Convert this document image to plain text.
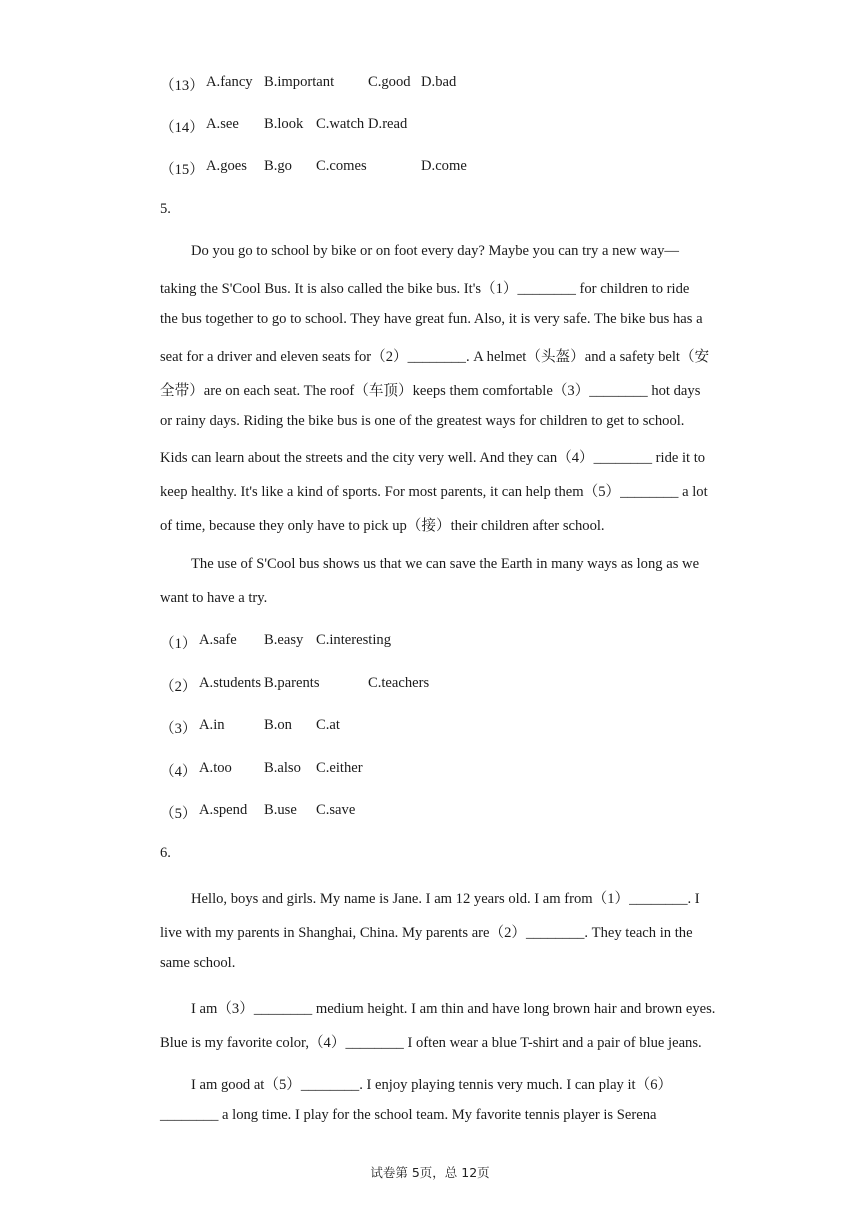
（13） A.fancy B.important C.good D.bad
（14） A.see B.look C.watch D.read
（15） A.goes B.go C.comes	D.come
5.
Do you go to school by bike or on foot every day? Maybe you can try a new way—
taking the S'Cool Bus. It is also called the bike bus. It's（1）________ for children to ride
the bus together to go to school. They have great fun. Also, it is very safe. The bike bus has a
seat for a driver and eleven seats for（2）________. A helmet（头盔）and a safety belt（安
全带）are on each seat. The roof（车顶）keeps them comfortable（3）________ hot days
or rainy days. Riding the bike bus is one of the greatest ways for children to get to school.
Kids can learn about the streets and the city very well. And they can（4）________ ride it to
keep healthy. It's like a kind of sports. For most parents, it can help them（5）________ a lot
of time, because they only have to pick up（接）their children after school.
The use of S'Cool bus shows us that we can save the Earth in many ways as long as we
want to have a try.
（1） A.safe B.easy C.interesting
（2） A.students B.parents	C.teachers
（3） A.in	B.on C.at
（4） A.too B.also C.either
（5） A.spend B.use C.save
6.
Hello, boys and girls. My name is Jane. I am 12 years old. I am from（1）________. I
live with my parents in Shanghai, China. My parents are（2）________. They teach in the
same school.
I am（3）________ medium height. I am thin and have long brown hair and brown eyes.
Blue is my favorite color,（4）________ I often wear a blue T-shirt and a pair of blue jeans.
I am good at（5）________. I enjoy playing tennis very much. I can play it（6）
________ a long time. I play for the school team. My favorite tennis player is Serena
试卷第 5页，总 12页
